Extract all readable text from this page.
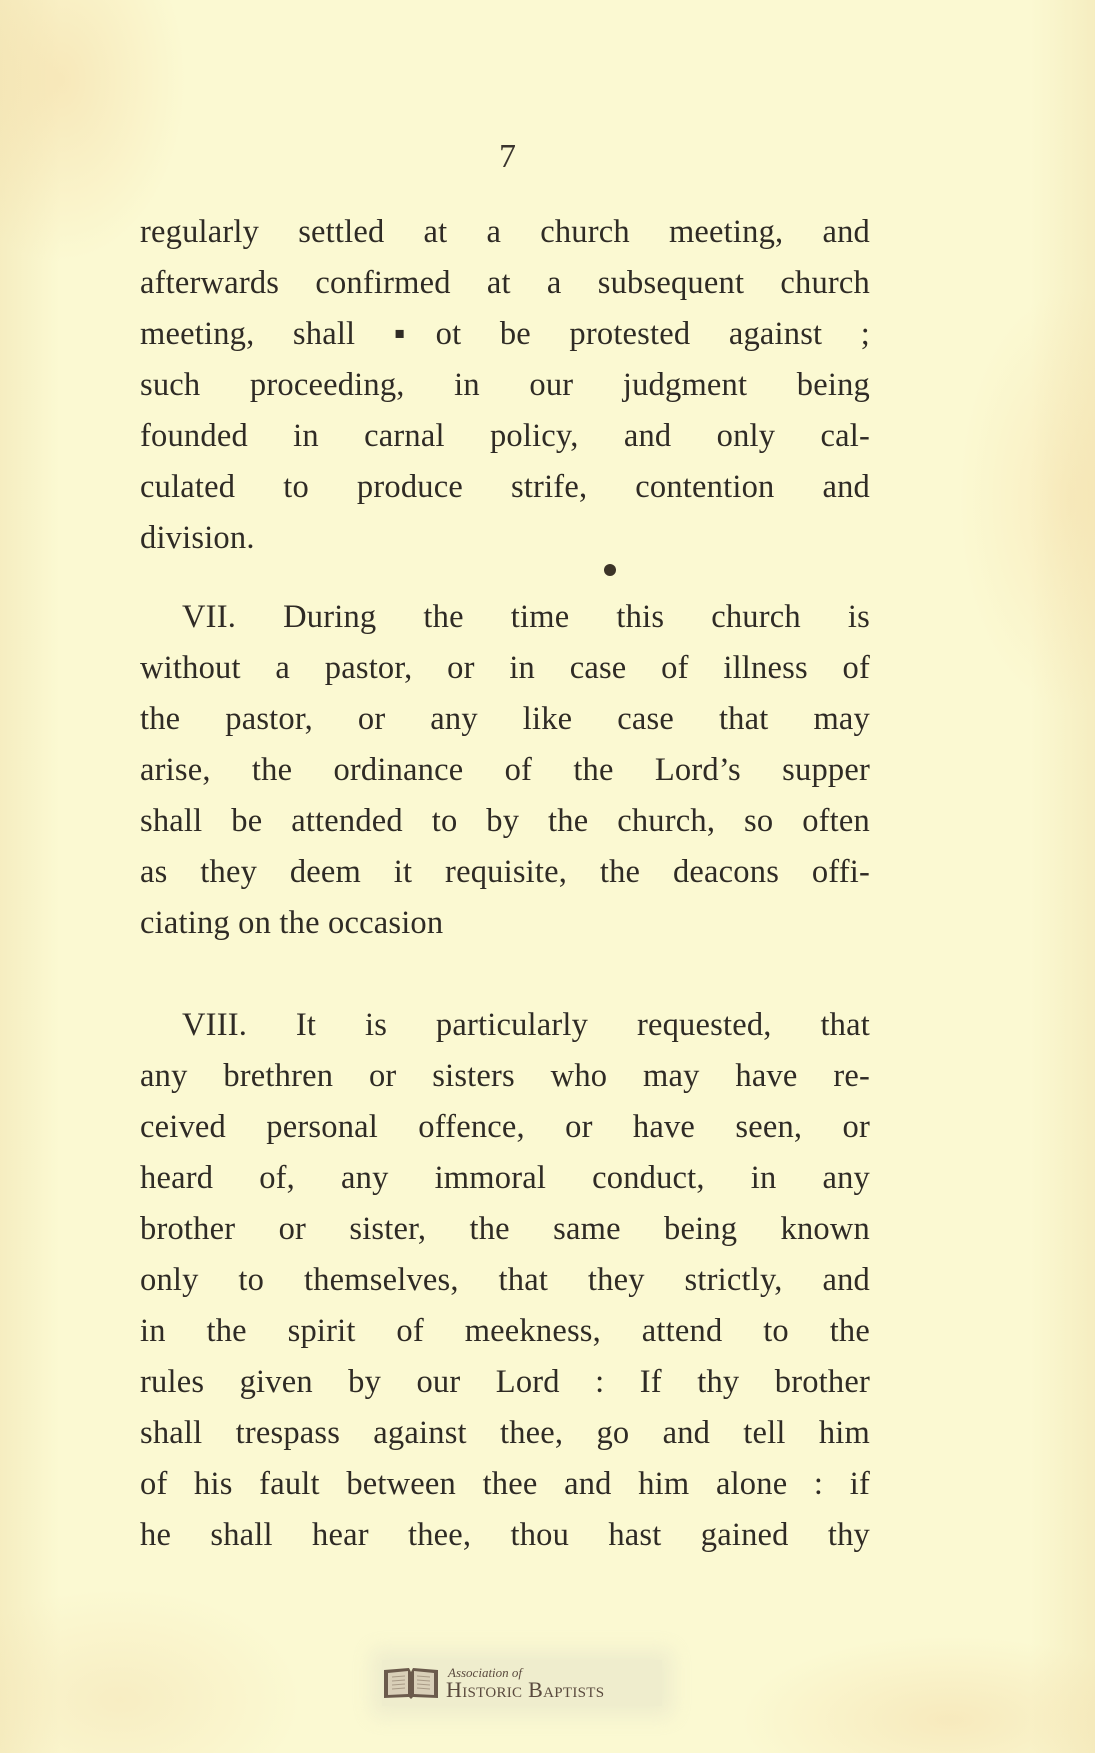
7
regularly settled at a church meeting, and
afterwards confirmed at a subsequent church
meeting, shall ▪ot be protested against ;
such proceeding, in our judgment being
founded in carnal policy, and only cal-
culated to produce strife, contention and
division.
VII. During the time this church is
without a pastor, or in case of illness of
the pastor, or any like case that may
arise, the ordinance of the Lord’s supper
shall be attended to by the church, so often
as they deem it requisite, the deacons offi-
ciating on the occasion
VIII. It is particularly requested, that
any brethren or sisters who may have re-
ceived personal offence, or have seen, or
heard of, any immoral conduct, in any
brother or sister, the same being known
only to themselves, that they strictly, and
in the spirit of meekness, attend to the
rules given by our Lord : If thy brother
shall trespass against thee, go and tell him
of his fault between thee and him alone : if
he shall hear thee, thou hast gained thy
Association of
Historic Baptists
